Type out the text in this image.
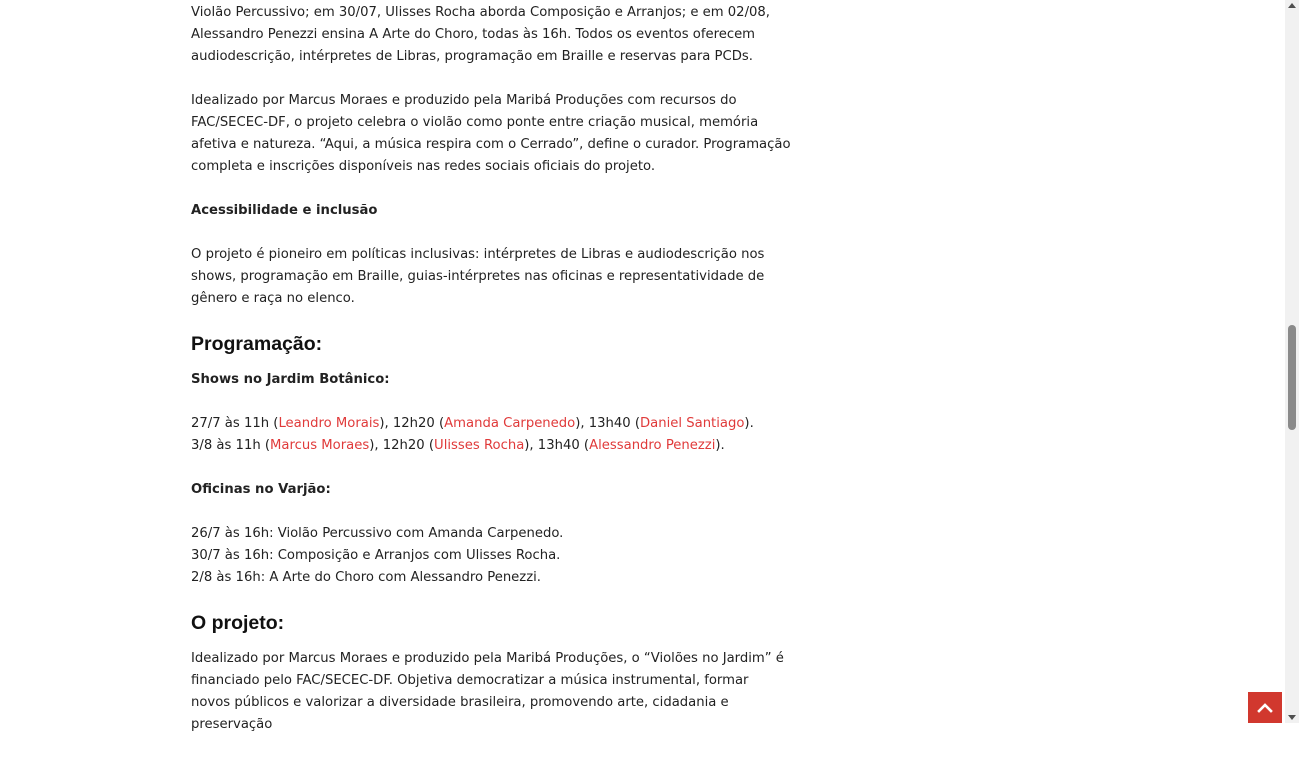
Violão Percussivo; em 30/07, Ulisses Rocha aborda Composição e Arranjos; e em 02/08, Alessandro Penezzi ensina A Arte do Choro, todas às 16h. Todos os eventos oferecem audiodescrição, intérpretes de Libras, programação em Braille e reservas para PCDs.

Idealizado por Marcus Moraes e produzido pela Maribá Produções com recursos do FAC/SECEC-DF, o projeto celebra o violão como ponte entre criação musical, memória afetiva e natureza. “Aqui, a música respira com o Cerrado”, define o curador. Programação completa e inscrições disponíveis nas redes sociais oficiais do projeto.

Acessibilidade e inclusão

O projeto é pioneiro em políticas inclusivas: intérpretes de Libras e audiodescrição nos shows, programação em Braille, guias-intérpretes nas oficinas e representatividade de gênero e raça no elenco.

Programação:

Shows no Jardim Botânico:

27/7 às 11h (Leandro Morais), 12h20 (Amanda Carpenedo), 13h40 (Daniel Santiago).

3/8 às 11h (Marcus Moraes), 12h20 (Ulisses Rocha), 13h40 (Alessandro Penezzi).

Oficinas no Varjão:

26/7 às 16h: Violão Percussivo com Amanda Carpenedo.

30/7 às 16h: Composição e Arranjos com Ulisses Rocha.

2/8 às 16h: A Arte do Choro com Alessandro Penezzi.

O projeto:

Idealizado por Marcus Moraes e produzido pela Maribá Produções, o “Violões no Jardim” é financiado pelo FAC/SECEC-DF. Objetiva democratizar a música instrumental, formar novos públicos e valorizar a diversidade brasileira, promovendo arte, cidadania e preservação
